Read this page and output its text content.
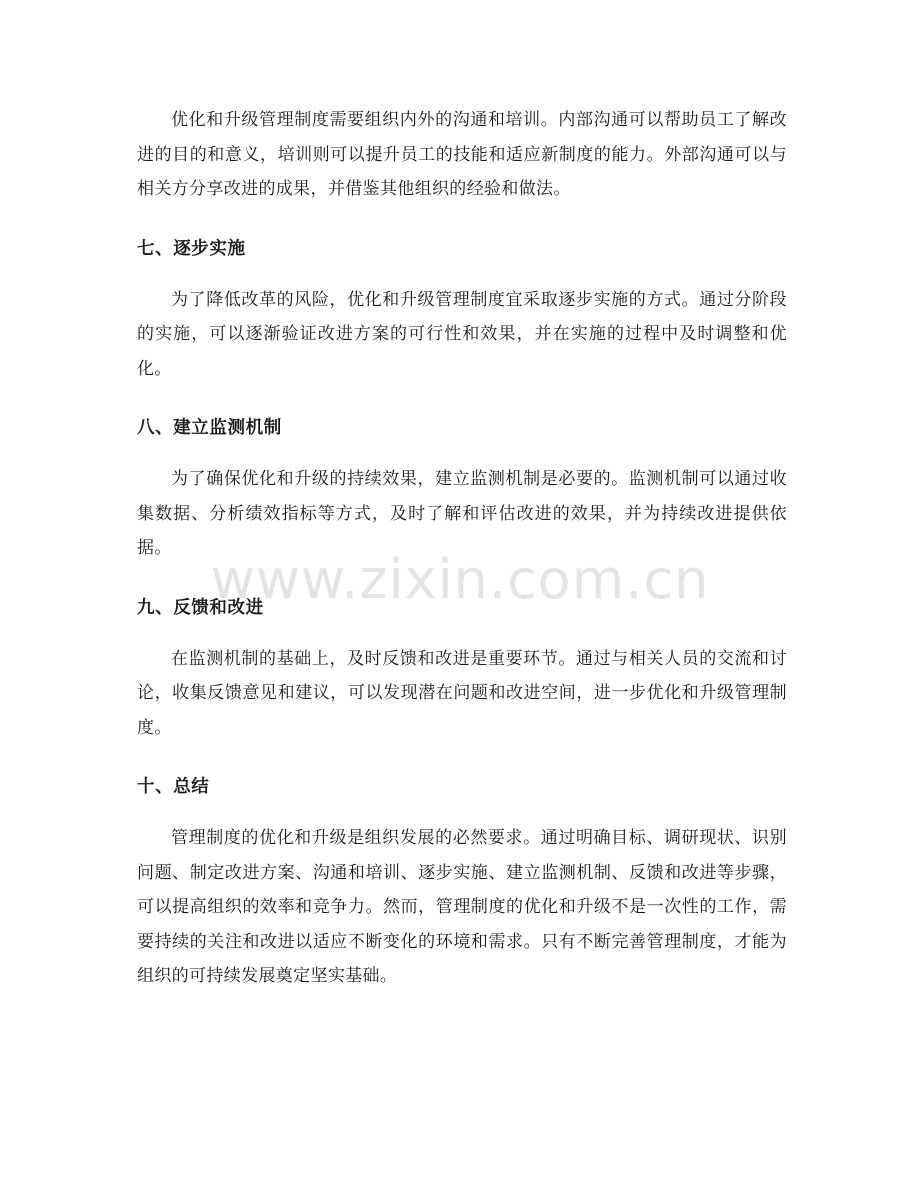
优化和升级管理制度需要组织内外的沟通和培训。内部沟通可以帮助员工了解改进的目的和意义，培训则可以提升员工的技能和适应新制度的能力。外部沟通可以与相关方分享改进的成果，并借鉴其他组织的经验和做法。

七、逐步实施

为了降低改革的风险，优化和升级管理制度宜采取逐步实施的方式。通过分阶段的实施，可以逐渐验证改进方案的可行性和效果，并在实施的过程中及时调整和优化。

八、建立监测机制

为了确保优化和升级的持续效果，建立监测机制是必要的。监测机制可以通过收集数据、分析绩效指标等方式，及时了解和评估改进的效果，并为持续改进提供依据。

九、反馈和改进

在监测机制的基础上，及时反馈和改进是重要环节。通过与相关人员的交流和讨论，收集反馈意见和建议，可以发现潜在问题和改进空间，进一步优化和升级管理制度。

十、总结

管理制度的优化和升级是组织发展的必然要求。通过明确目标、调研现状、识别问题、制定改进方案、沟通和培训、逐步实施、建立监测机制、反馈和改进等步骤，可以提高组织的效率和竞争力。然而，管理制度的优化和升级不是一次性的工作，需要持续的关注和改进以适应不断变化的环境和需求。只有不断完善管理制度，才能为组织的可持续发展奠定坚实基础。

www.zixin.com.cn
